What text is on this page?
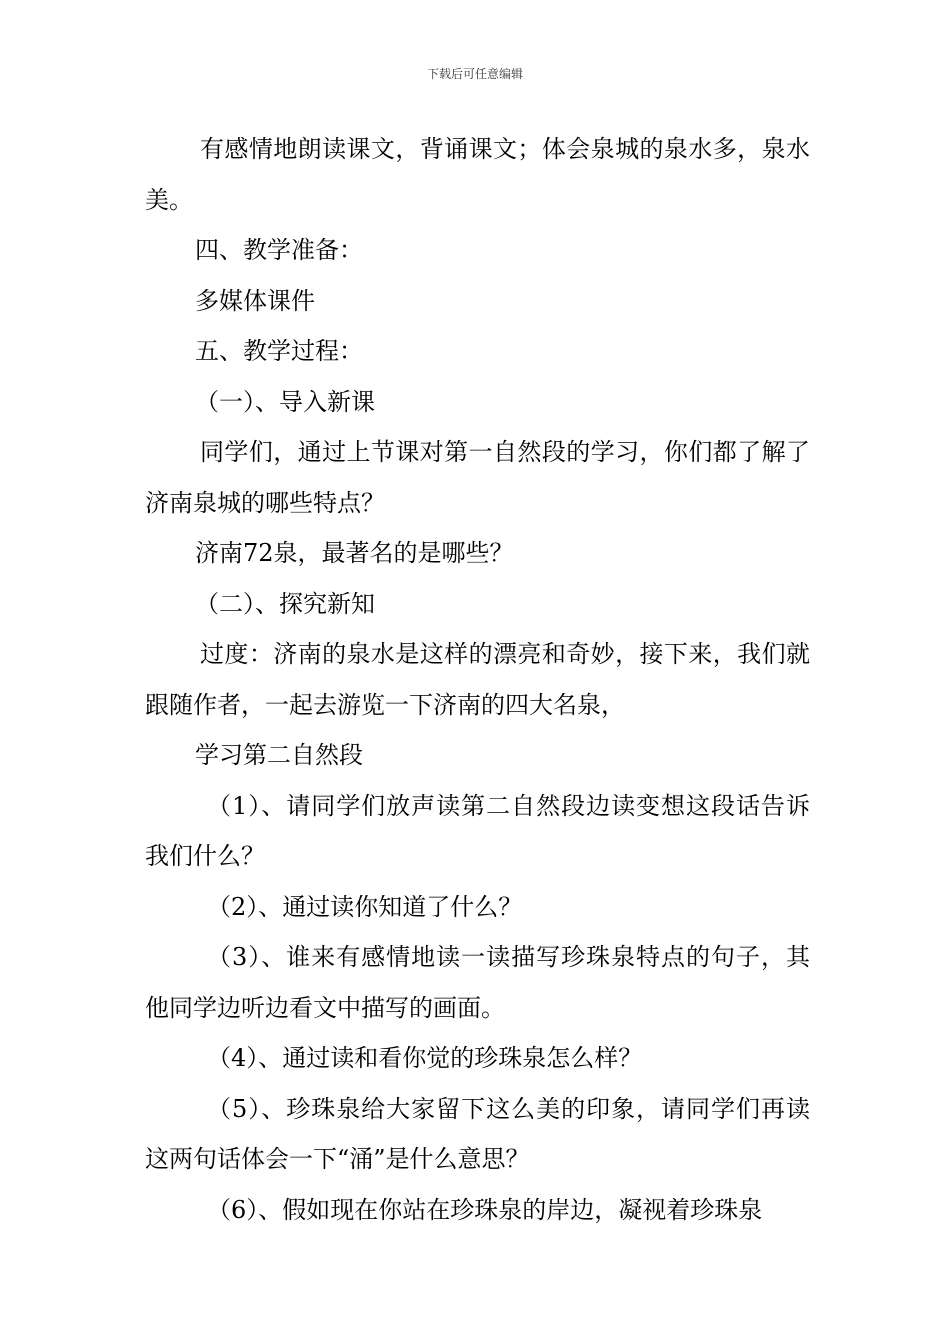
下载后可任意编辑

有感情地朗读课文，背诵课文；体会泉城的泉水多，泉水美。

四、教学准备：

多媒体课件

五、教学过程：

（一）、导入新课

同学们，通过上节课对第一自然段的学习，你们都了解了济南泉城的哪些特点？

济南72泉，最著名的是哪些？

（二）、探究新知

过度：济南的泉水是这样的漂亮和奇妙，接下来，我们就跟随作者，一起去游览一下济南的四大名泉，

学习第二自然段

（1）、请同学们放声读第二自然段边读变想这段话告诉我们什么？

（2）、通过读你知道了什么？

（3）、谁来有感情地读一读描写珍珠泉特点的句子，其他同学边听边看文中描写的画面。

（4）、通过读和看你觉的珍珠泉怎么样？

（5）、珍珠泉给大家留下这么美的印象，请同学们再读这两句话体会一下“涌”是什么意思？

（6）、假如现在你站在珍珠泉的岸边，凝视着珍珠泉
